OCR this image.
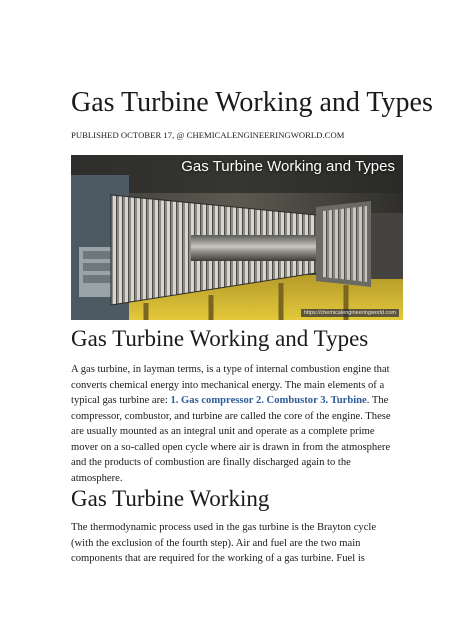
Gas Turbine Working and Types

PUBLISHED OCTOBER 17, @ CHEMICALENGINEERINGWORLD.COM

Gas Turbine Working and Types
https://chemicalengineeringworld.com
Gas Turbine Working and Types

A gas turbine, in layman terms, is a type of internal combustion engine that
converts chemical energy into mechanical energy. The main elements of a
typical gas turbine are: 1. Gas compressor 2. Combustor 3. Turbine. The
compressor, combustor, and turbine are called the core of the engine. These
are usually mounted as an integral unit and operate as a complete prime
mover on a so-called open cycle where air is drawn in from the atmosphere
and the products of combustion are finally discharged again to the
atmosphere.

Gas Turbine Working

The thermodynamic process used in the gas turbine is the Brayton cycle
(with the exclusion of the fourth step). Air and fuel are the two main
components that are required for the working of a gas turbine. Fuel is
